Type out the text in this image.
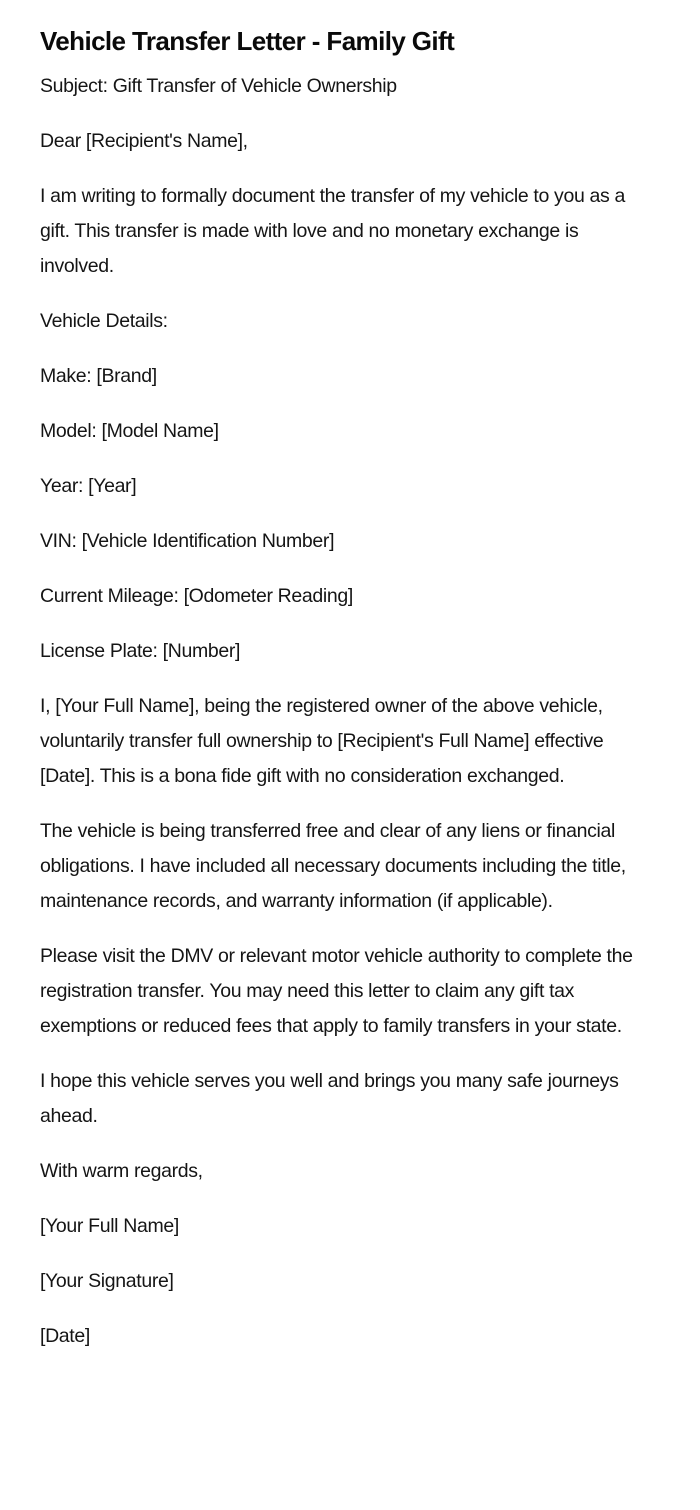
Vehicle Transfer Letter - Family Gift

Subject: Gift Transfer of Vehicle Ownership

Dear [Recipient's Name],

I am writing to formally document the transfer of my vehicle to you as a gift. This transfer is made with love and no monetary exchange is involved.

Vehicle Details:

Make: [Brand]

Model: [Model Name]

Year: [Year]

VIN: [Vehicle Identification Number]

Current Mileage: [Odometer Reading]

License Plate: [Number]

I, [Your Full Name], being the registered owner of the above vehicle, voluntarily transfer full ownership to [Recipient's Full Name] effective [Date]. This is a bona fide gift with no consideration exchanged.

The vehicle is being transferred free and clear of any liens or financial obligations. I have included all necessary documents including the title, maintenance records, and warranty information (if applicable).

Please visit the DMV or relevant motor vehicle authority to complete the registration transfer. You may need this letter to claim any gift tax exemptions or reduced fees that apply to family transfers in your state.

I hope this vehicle serves you well and brings you many safe journeys ahead.

With warm regards,

[Your Full Name]

[Your Signature]

[Date]
